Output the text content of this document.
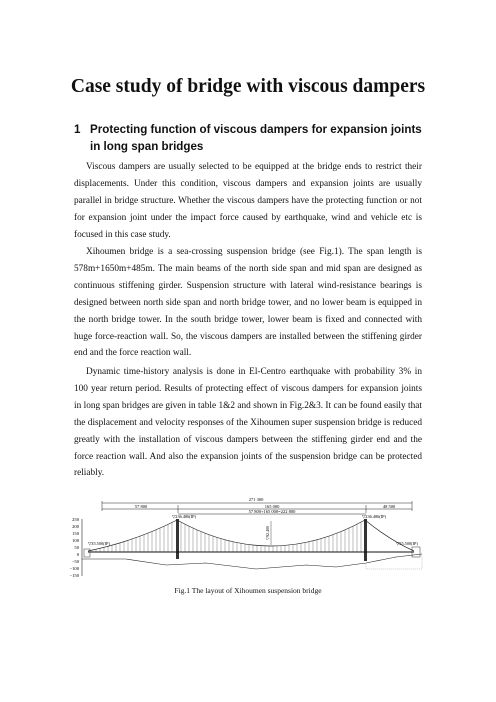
Case study of bridge with viscous dampers
1 Protecting function of viscous dampers for expansion joints
in long span bridges

Viscous dampers are usually selected to be equipped at the bridge ends to restrict their displacements. Under this condition, viscous dampers and expansion joints are usually parallel in bridge structure. Whether the viscous dampers have the protecting function or not for expansion joint under the impact force caused by earthquake, wind and vehicle etc is focused in this case study.

Xihoumen bridge is a sea-crossing suspension bridge (see Fig.1). The span length is 578m+1650m+485m. The main beams of the north side span and mid span are designed as continuous stiffening girder. Suspension structure with lateral wind-resistance bearings is designed between north side span and north bridge tower, and no lower beam is equipped in the north bridge tower. In the south bridge tower, lower beam is fixed and connected with huge force-reaction wall. So, the viscous dampers are installed between the stiffening girder end and the force reaction wall.

Dynamic time-history analysis is done in El-Centro earthquake with probability 3% in 100 year return period. Results of protecting effect of viscous dampers for expansion joints in long span bridges are given in table 1&2 and shown in Fig.2&3. It can be found easily that the displacement and velocity responses of the Xihoumen super suspension bridge is reduced greatly with the installation of viscous dampers between the stiffening girder end and the force reaction wall. And also the expansion joints of the suspension bridge can be protected reliably.

271 300
57 800	165 000	48 500
57 800+165 000=222 800
250
200
150
100
50
0
−50
−100
−150
▽236.486(IP)	▽236.486(IP)
▽92.400
▽35.500(IP)	▽35.500(IP)
Fig.1 The layout of Xihoumen suspension bridge
